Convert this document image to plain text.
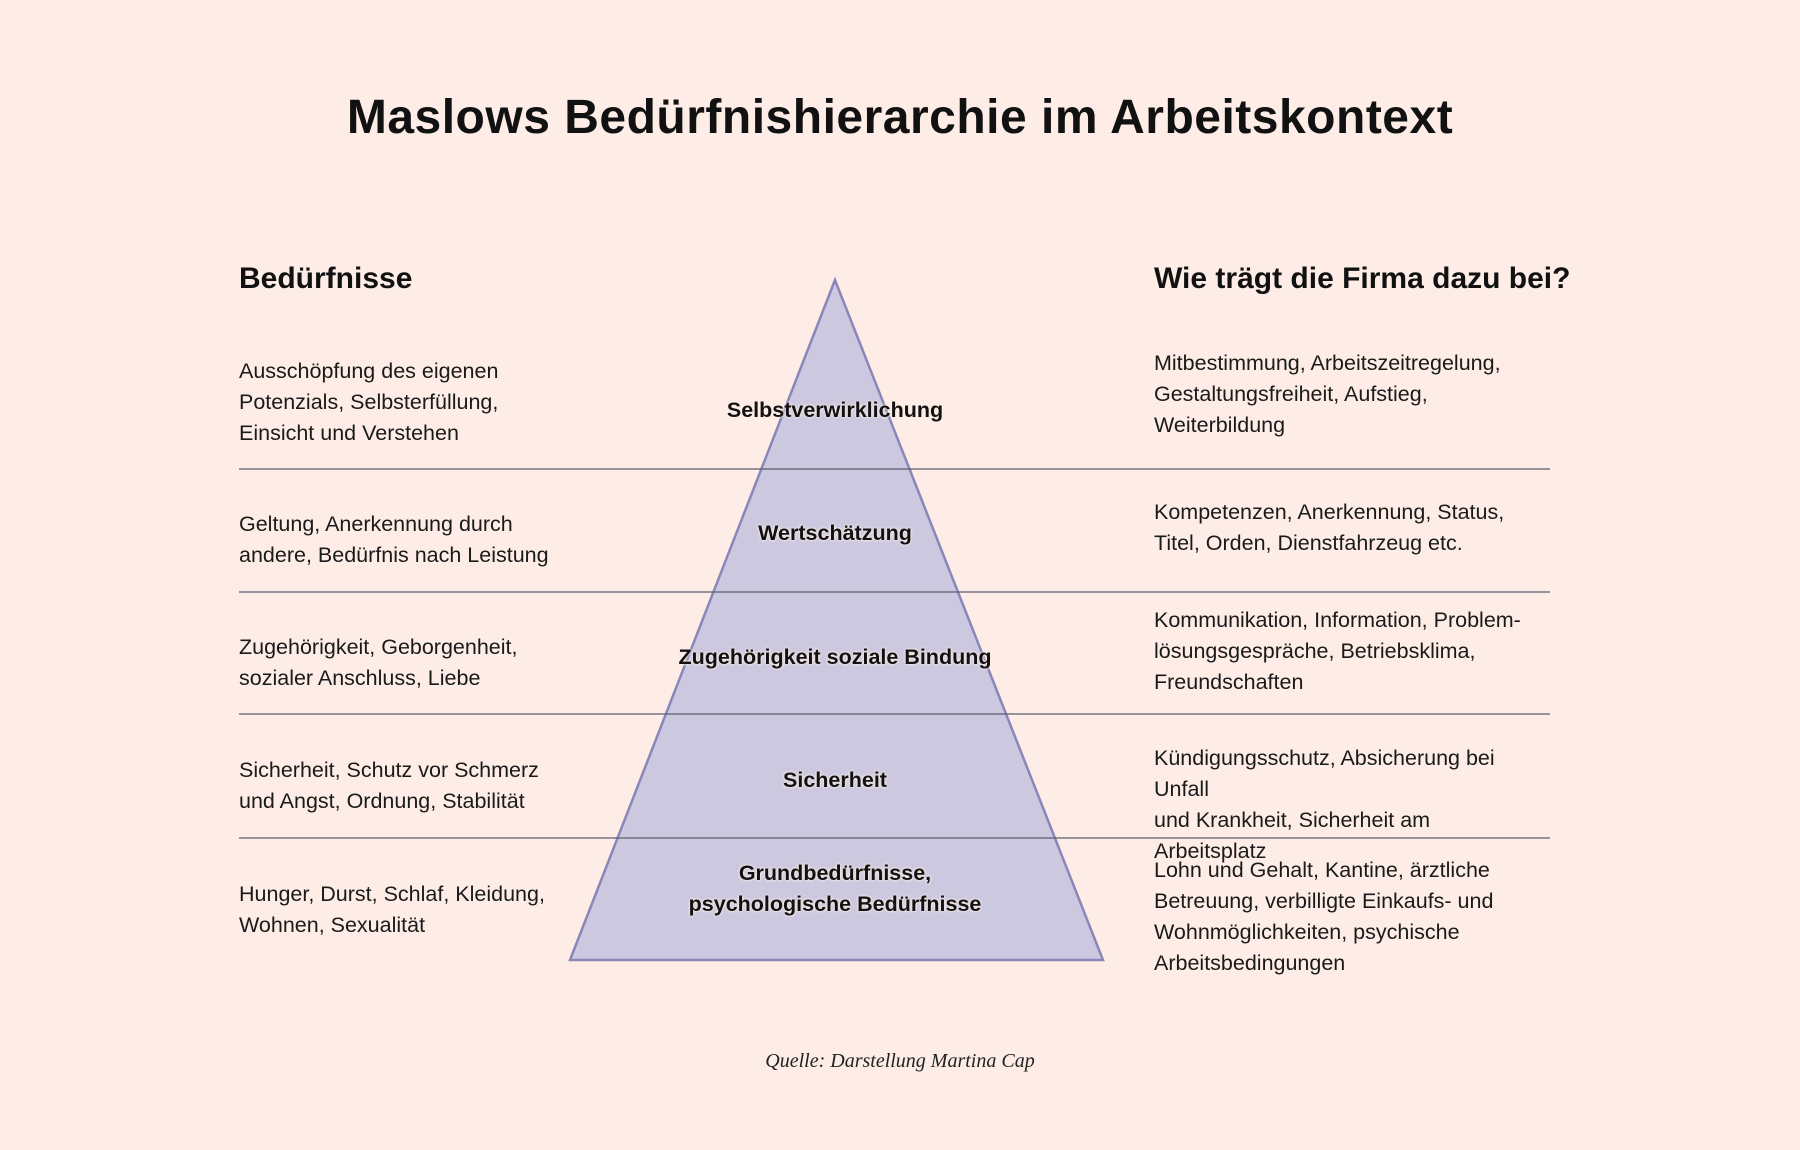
Maslows Bedürfnishierarchie im Arbeitskontext
Bedürfnisse	Wie trägt die Firma dazu bei?
Ausschöpfung des eigenen
Potenzials, Selbsterfüllung,
Einsicht und Verstehen
Selbstverwirklichung
Mitbestimmung, Arbeitszeitregelung,
Gestaltungsfreiheit, Aufstieg,
Weiterbildung
Geltung, Anerkennung durch
andere, Bedürfnis nach Leistung
Wertschätzung
Kompetenzen, Anerkennung, Status,
Titel, Orden, Dienstfahrzeug etc.
Zugehörigkeit, Geborgenheit,
sozialer Anschluss, Liebe
Zugehörigkeit soziale Bindung
Kommunikation, Information, Problem-
lösungsgespräche, Betriebsklima,
Freundschaften
Sicherheit, Schutz vor Schmerz
und Angst, Ordnung, Stabilität
Sicherheit
Kündigungsschutz, Absicherung bei Unfall
und Krankheit, Sicherheit am Arbeitsplatz
Hunger, Durst, Schlaf, Kleidung,
Wohnen, Sexualität
Grundbedürfnisse,
psychologische Bedürfnisse
Lohn und Gehalt, Kantine, ärztliche
Betreuung, verbilligte Einkaufs- und
Wohnmöglichkeiten, psychische
Arbeitsbedingungen
Quelle: Darstellung Martina Cap
